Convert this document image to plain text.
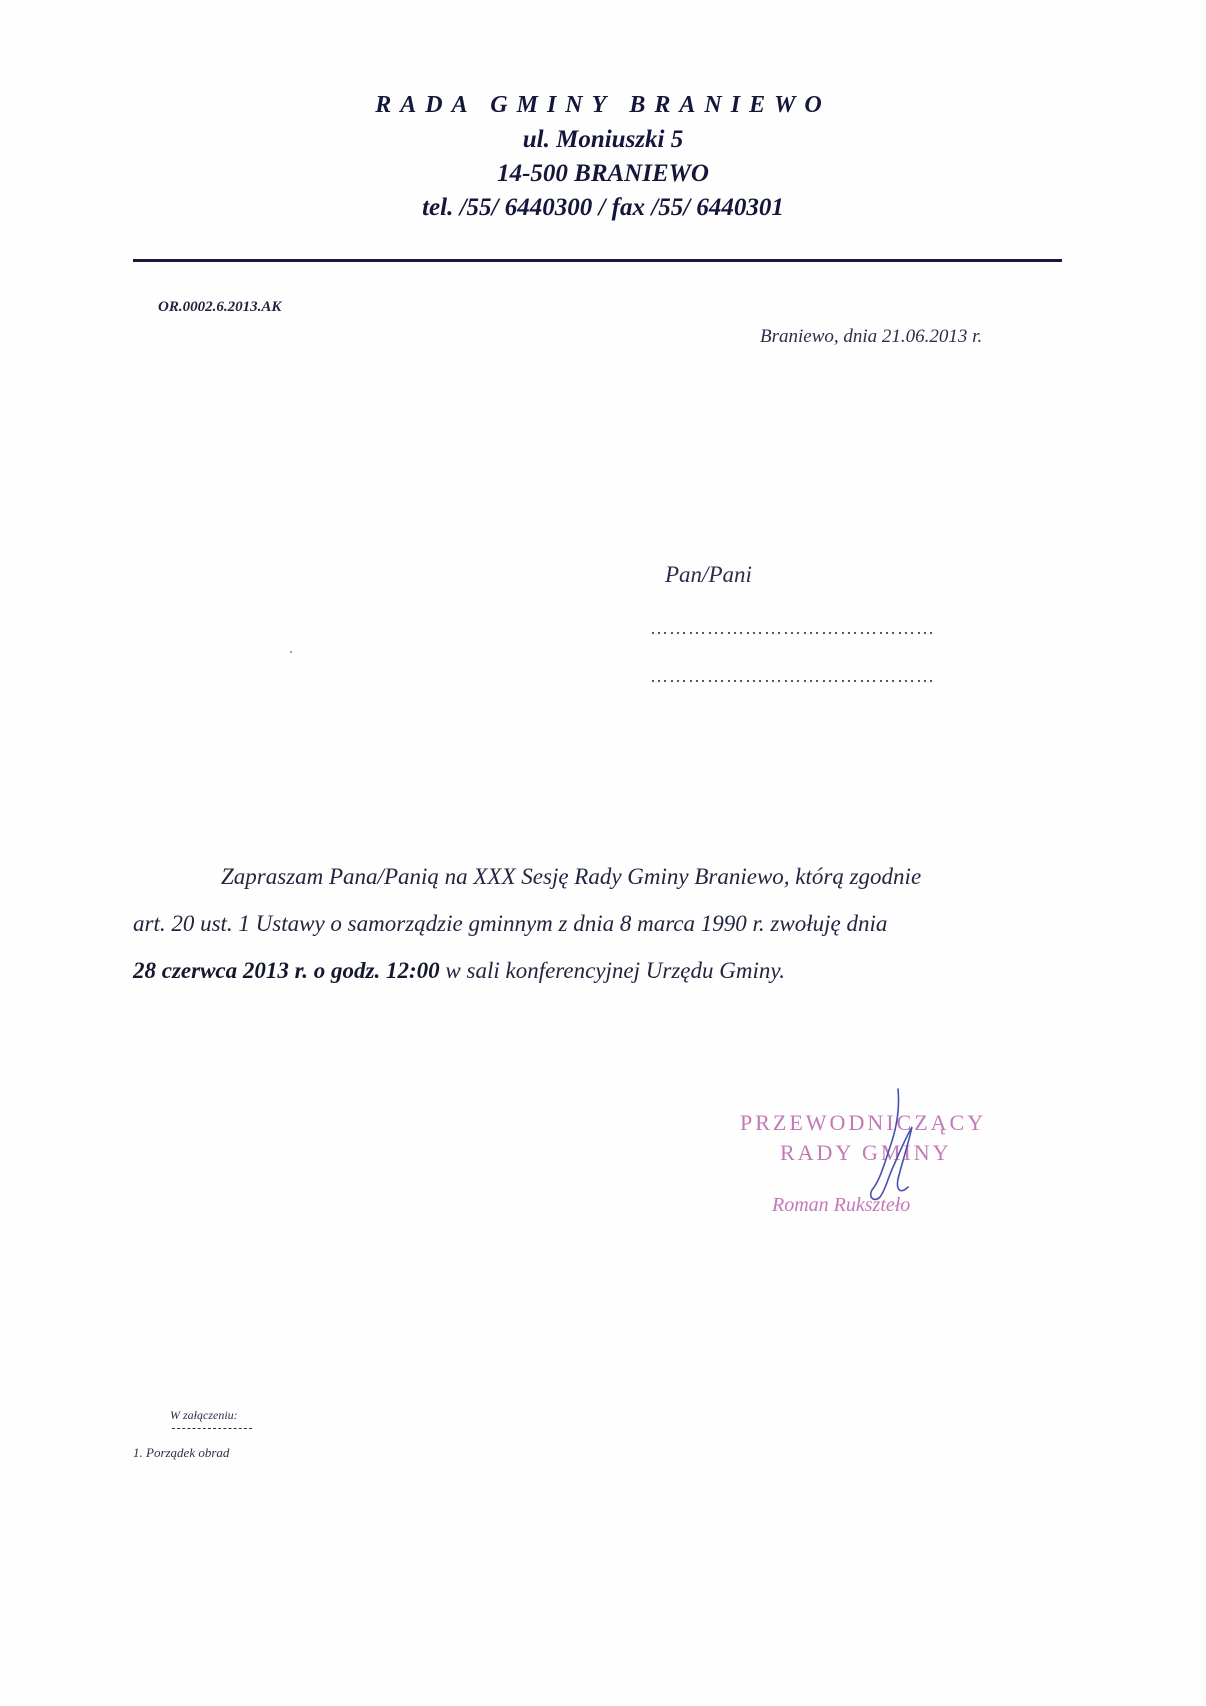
RADA GMINY BRANIEWO
ul. Moniuszki 5
14-500 BRANIEWO
tel. /55/ 6440300 / fax /55/ 6440301
OR.0002.6.2013.AK
Braniewo, dnia 21.06.2013 r.
Pan/Pani
………………………………………
………………………………………
Zapraszam Pana/Panią na XXX Sesję Rady Gminy Braniewo, którą zgodnie
art. 20 ust. 1 Ustawy o samorządzie gminnym z dnia 8 marca 1990 r. zwołuję dnia
28 czerwca 2013 r. o godz. 12:00 w sali konferencyjnej Urzędu Gminy.
PRZEWODNICZĄCY
RADY GMINY
Roman Rukszteło
W załączeniu:
1. Porządek obrad
